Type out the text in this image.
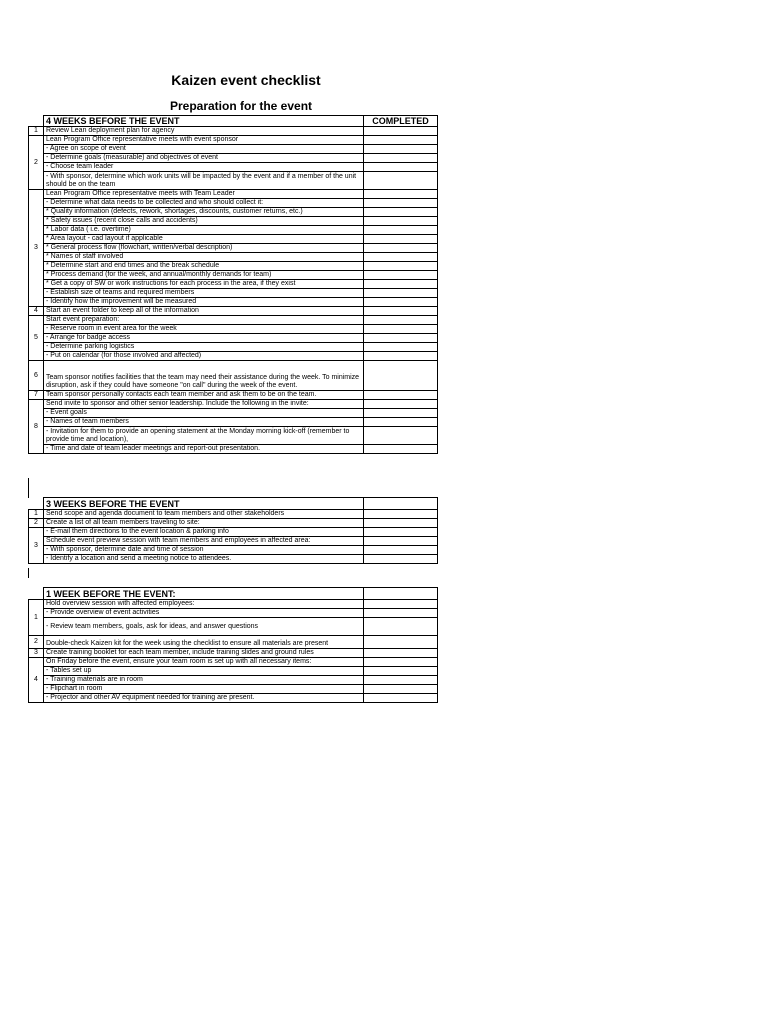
Kaizen event checklist
Preparation for the event
	4 WEEKS BEFORE THE EVENT	COMPLETED
1	Review Lean deployment plan for agency	
2	Lean Program Office representative meets with event sponsor	
	- Agree on scope of event	
	- Determine goals (measurable) and objectives of event	
	- Choose team leader	
	- With sponsor, determine which work units will be impacted by the event and if a member of the unit should be on the team	
3	Lean Program Office representative meets with Team Leader	
	- Determine what data needs to be collected and who should collect it:	
	* Quality information (defects, rework, shortages, discounts, customer returns, etc.)	
	* Safety issues (recent close calls and accidents)	
	* Labor data ( i.e. overtime)	
	* Area layout - cad layout if applicable	
	* General process flow (flowchart, written/verbal description)	
	* Names of staff involved	
	* Determine start and end times and the break schedule	
	* Process demand (for the week, and annual/monthly demands for team)	
	* Get a copy of SW or work instructions for each process in the area, if they exist	
	- Establish size of teams and required members	
	- Identify how the improvement will be measured	
4	Start an event folder to keep all of the information	
5	Start event preparation:	
	- Reserve room in event area for the week	
	- Arrange for badge access	
	- Determine parking logistics	
	- Put on calendar (for those involved and affected)	
6	Team sponsor notifies facilities that the team may need their assistance during the week. To minimize disruption, ask if they could have someone "on call" during the week of the event.	
7	Team sponsor personally contacts each team member and ask them to be on the team.	
8	Send invite to sponsor and other senior leadership. Include the following in the invite:	
	- Event goals	
	- Names of team members	
	- Invitation for them to provide an opening statement at the Monday morning kick-off (remember to provide time and location),	
	- Time and date of team leader meetings and report-out presentation.	
	3 WEEKS BEFORE THE EVENT	
1	Send scope and agenda document to team members and other stakeholders	
2	Create a list of all team members traveling to site:	
3	- E-mail them directions to the event location & parking info	
	Schedule event preview session with team members and employees in affected area:	
	- With sponsor, determine date and time of session	
	- Identify a location and send a meeting notice to attendees.	
	1 WEEK BEFORE THE EVENT:	
1	Hold overview session with affected employees:	
	- Provide overview of event activities	
	- Review team members, goals, ask for ideas, and answer questions	
2	Double-check Kaizen kit for the week using the checklist to ensure all materials are present	
3	Create training booklet for each team member, include training slides and ground rules	
4	On Friday before the event, ensure your team room is set up with all necessary items:	
	- Tables set up	
	- Training materials are in room	
	- Flipchart in room	
	- Projector and other AV equipment needed for training are present.	
